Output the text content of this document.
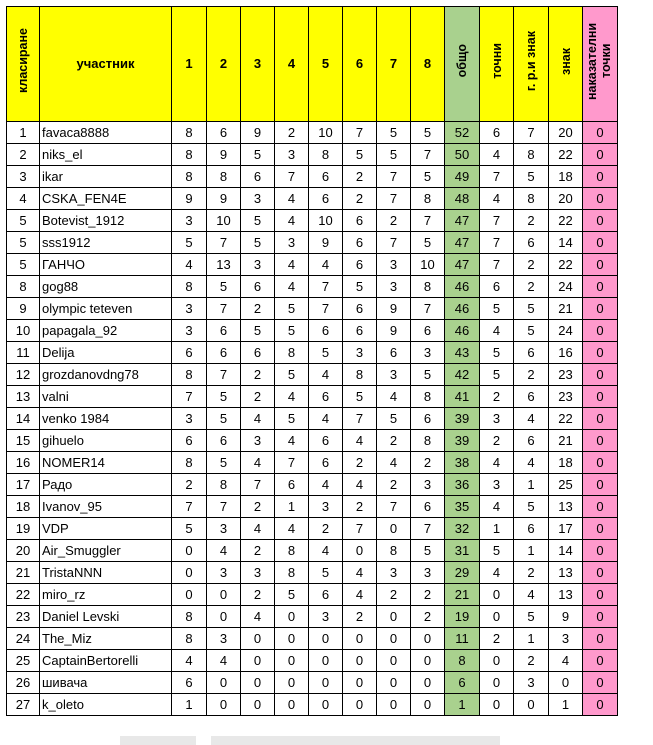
класиране	участник	1	2	3	4	5	6	7	8	общо	точни	г. р.и знак	знак	наказателни точки
1	favaca8888	8	6	9	2	10	7	5	5	52	6	7	20	0
2	niks_el	8	9	5	3	8	5	5	7	50	4	8	22	0
3	ikar	8	8	6	7	6	2	7	5	49	7	5	18	0
4	CSKA_FEN4E	9	9	3	4	6	2	7	8	48	4	8	20	0
5	Botevist_1912	3	10	5	4	10	6	2	7	47	7	2	22	0
5	sss1912	5	7	5	3	9	6	7	5	47	7	6	14	0
5	ГАНЧО	4	13	3	4	4	6	3	10	47	7	2	22	0
8	gog88	8	5	6	4	7	5	3	8	46	6	2	24	0
9	olympic teteven	3	7	2	5	7	6	9	7	46	5	5	21	0
10	papagala_92	3	6	5	5	6	6	9	6	46	4	5	24	0
11	Delija	6	6	6	8	5	3	6	3	43	5	6	16	0
12	grozdanovdng78	8	7	2	5	4	8	3	5	42	5	2	23	0
13	valni	7	5	2	4	6	5	4	8	41	2	6	23	0
14	venko 1984	3	5	4	5	4	7	5	6	39	3	4	22	0
15	gihuelo	6	6	3	4	6	4	2	8	39	2	6	21	0
16	NOMER14	8	5	4	7	6	2	4	2	38	4	4	18	0
17	Радо	2	8	7	6	4	4	2	3	36	3	1	25	0
18	Ivanov_95	7	7	2	1	3	2	7	6	35	4	5	13	0
19	VDP	5	3	4	4	2	7	0	7	32	1	6	17	0
20	Air_Smuggler	0	4	2	8	4	0	8	5	31	5	1	14	0
21	TristaNNN	0	3	3	8	5	4	3	3	29	4	2	13	0
22	miro_rz	0	0	2	5	6	4	2	2	21	0	4	13	0
23	Daniel Levski	8	0	4	0	3	2	0	2	19	0	5	9	0
24	The_Miz	8	3	0	0	0	0	0	0	11	2	1	3	0
25	CaptainBertorelli	4	4	0	0	0	0	0	0	8	0	2	4	0
26	шивача	6	0	0	0	0	0	0	0	6	0	3	0	0
27	k_oleto	1	0	0	0	0	0	0	0	1	0	0	1	0
